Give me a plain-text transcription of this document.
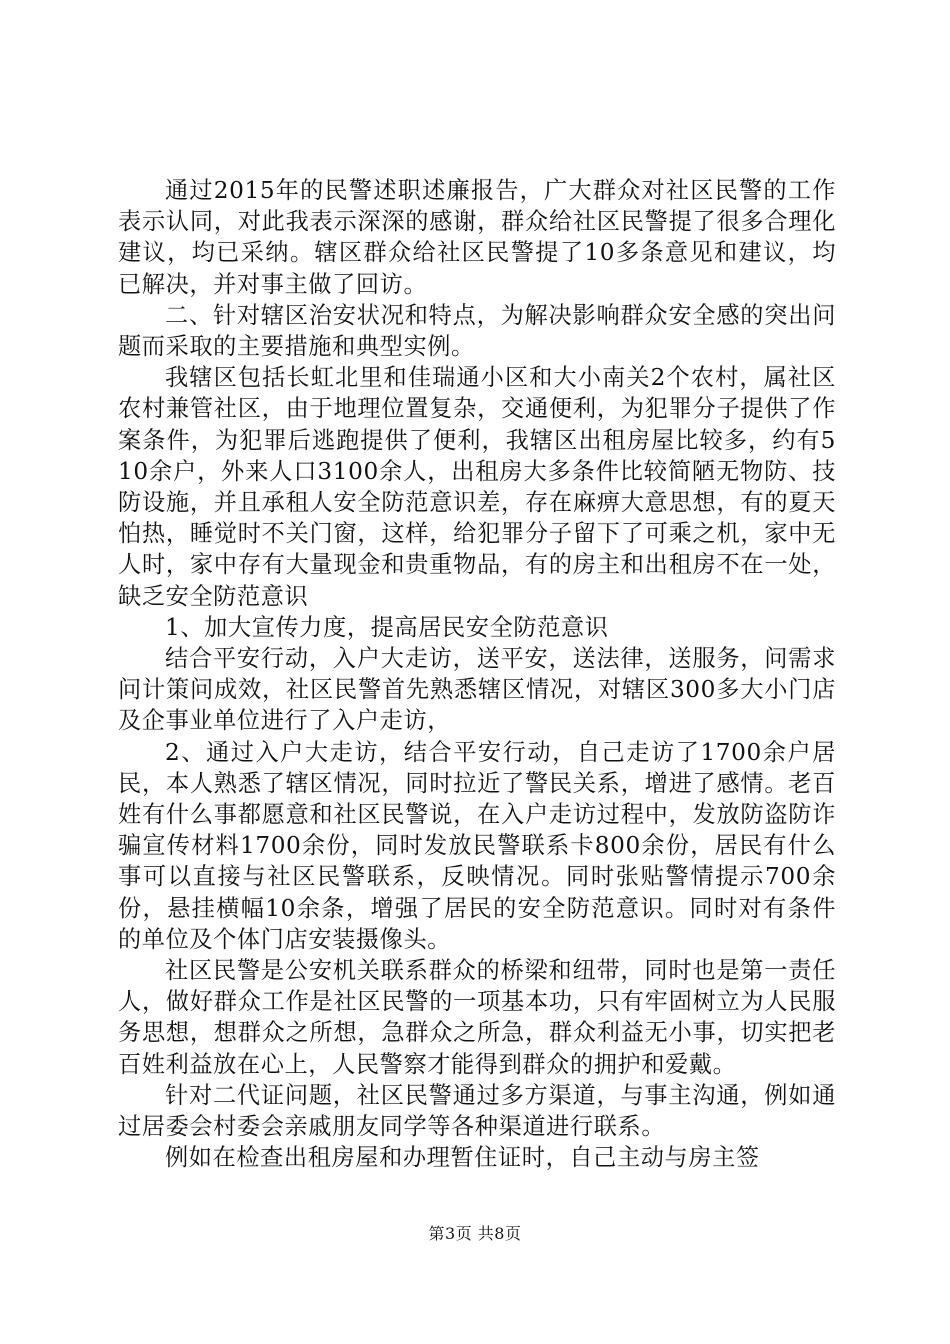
通过2015年的民警述职述廉报告，广大群众对社区民警的工作表示认同，对此我表示深深的感谢，群众给社区民警提了很多合理化建议，均已采纳。辖区群众给社区民警提了10多条意见和建议，均已解决，并对事主做了回访。

二、针对辖区治安状况和特点，为解决影响群众安全感的突出问题而采取的主要措施和典型实例。

我辖区包括长虹北里和佳瑞通小区和大小南关2个农村，属社区农村兼管社区，由于地理位置复杂，交通便利，为犯罪分子提供了作案条件，为犯罪后逃跑提供了便利，我辖区出租房屋比较多，约有510余户，外来人口3100余人，出租房大多条件比较简陋无物防、技防设施，并且承租人安全防范意识差，存在麻痹大意思想，有的夏天怕热，睡觉时不关门窗，这样，给犯罪分子留下了可乘之机，家中无人时，家中存有大量现金和贵重物品，有的房主和出租房不在一处，缺乏安全防范意识

1、加大宣传力度，提高居民安全防范意识

结合平安行动，入户大走访，送平安，送法律，送服务，问需求问计策问成效，社区民警首先熟悉辖区情况，对辖区300多大小门店及企事业单位进行了入户走访，

2、通过入户大走访，结合平安行动，自己走访了1700余户居民，本人熟悉了辖区情况，同时拉近了警民关系，增进了感情。老百姓有什么事都愿意和社区民警说，在入户走访过程中，发放防盗防诈骗宣传材料1700余份，同时发放民警联系卡800余份，居民有什么事可以直接与社区民警联系，反映情况。同时张贴警情提示700余份，悬挂横幅10余条，增强了居民的安全防范意识。同时对有条件的单位及个体门店安装摄像头。

社区民警是公安机关联系群众的桥梁和纽带，同时也是第一责任人，做好群众工作是社区民警的一项基本功，只有牢固树立为人民服务思想，想群众之所想，急群众之所急，群众利益无小事，切实把老百姓利益放在心上，人民警察才能得到群众的拥护和爱戴。

针对二代证问题，社区民警通过多方渠道，与事主沟通，例如通过居委会村委会亲戚朋友同学等各种渠道进行联系。

例如在检查出租房屋和办理暂住证时，自己主动与房主签

第3页 共8页
